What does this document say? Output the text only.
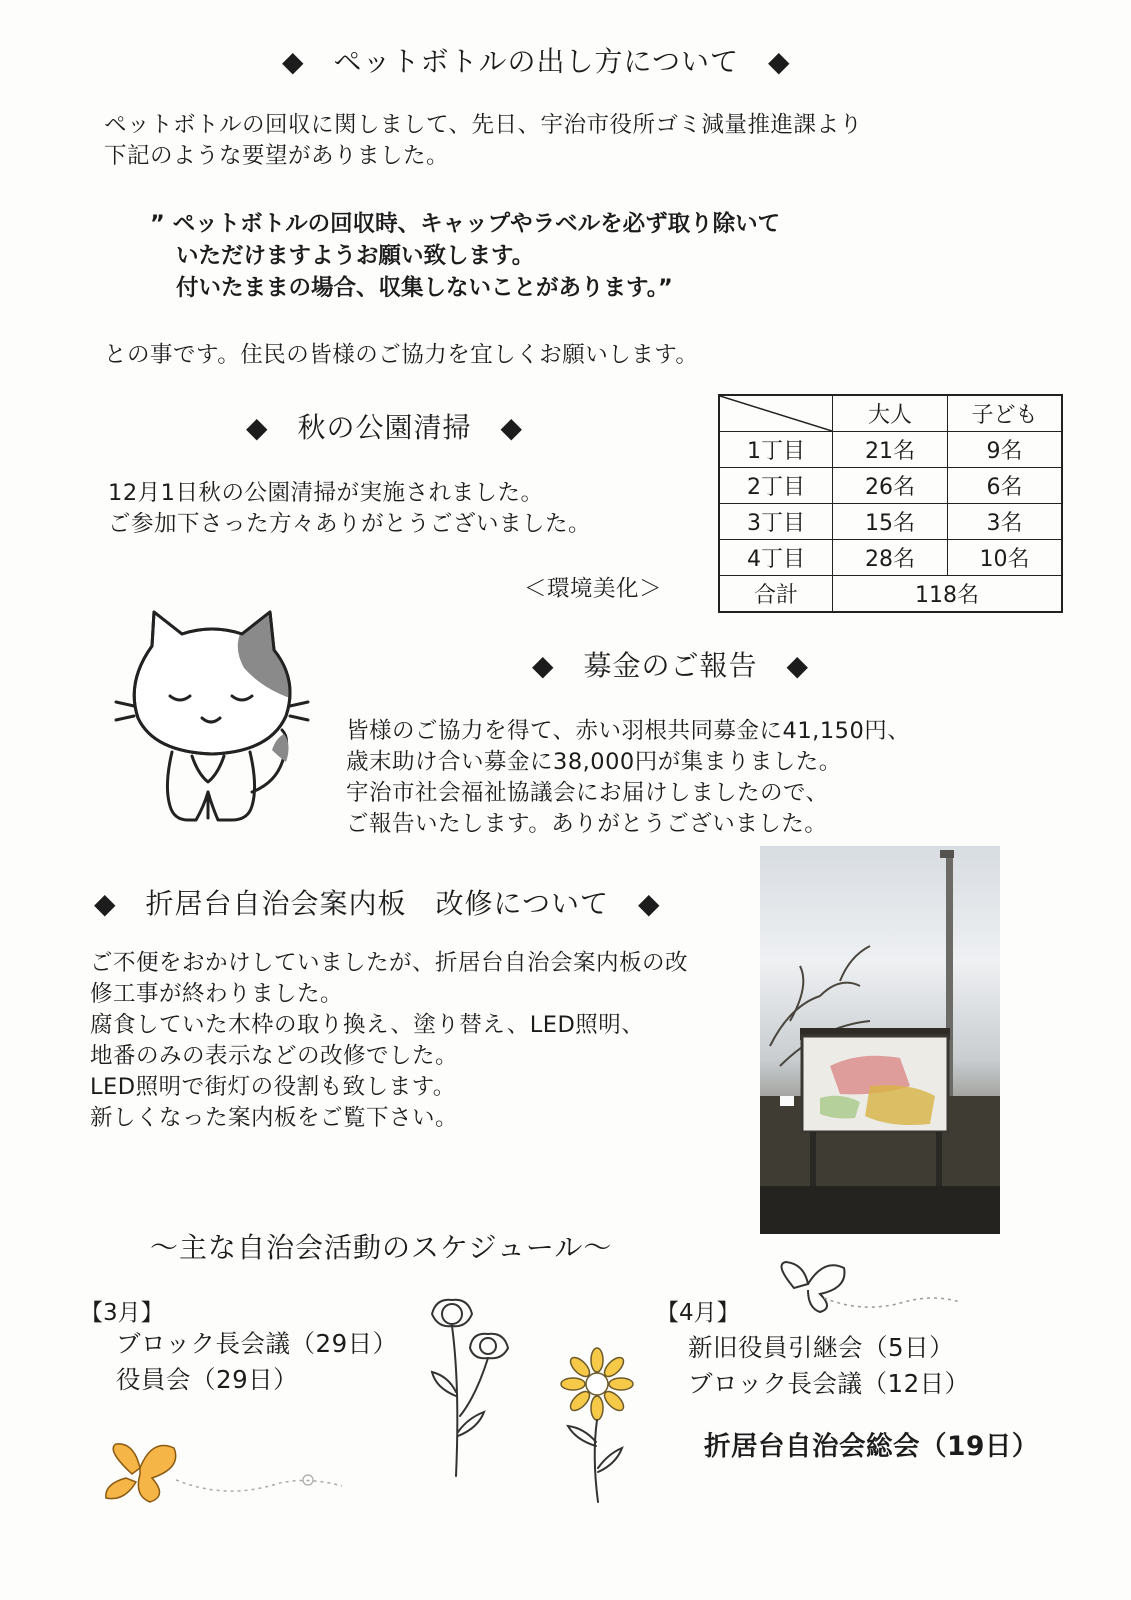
◆　ペットボトルの出し方について　◆
ペットボトルの回収に関しまして、先日、宇治市役所ゴミ減量推進課より
下記のような要望がありました。
” ペットボトルの回収時、キャップやラベルを必ず取り除いて
いただけますようお願い致します。
付いたままの場合、収集しないことがあります。”
との事です。住民の皆様のご協力を宜しくお願いします。
◆　秋の公園清掃　◆
12月1日秋の公園清掃が実施されました。
ご参加下さった方々ありがとうございました。
＜環境美化＞
	大人	子ども
1丁目	21名	9名
2丁目	26名	6名
3丁目	15名	3名
4丁目	28名	10名
合計	118名	
◆　募金のご報告　◆
皆様のご協力を得て、赤い羽根共同募金に41,150円、
歳末助け合い募金に38,000円が集まりました。
宇治市社会福祉協議会にお届けしましたので、
ご報告いたします。ありがとうございました。
◆　折居台自治会案内板　改修について　◆
ご不便をおかけしていましたが、折居台自治会案内板の改
修工事が終わりました。
腐食していた木枠の取り換え、塗り替え、LED照明、
地番のみの表示などの改修でした。
LED照明で街灯の役割も致します。
新しくなった案内板をご覧下さい。
～主な自治会活動のスケジュール～
【3月】
ブロック長会議（29日）
役員会（29日）
【4月】
新旧役員引継会（5日）
ブロック長会議（12日）
折居台自治会総会（19日）
